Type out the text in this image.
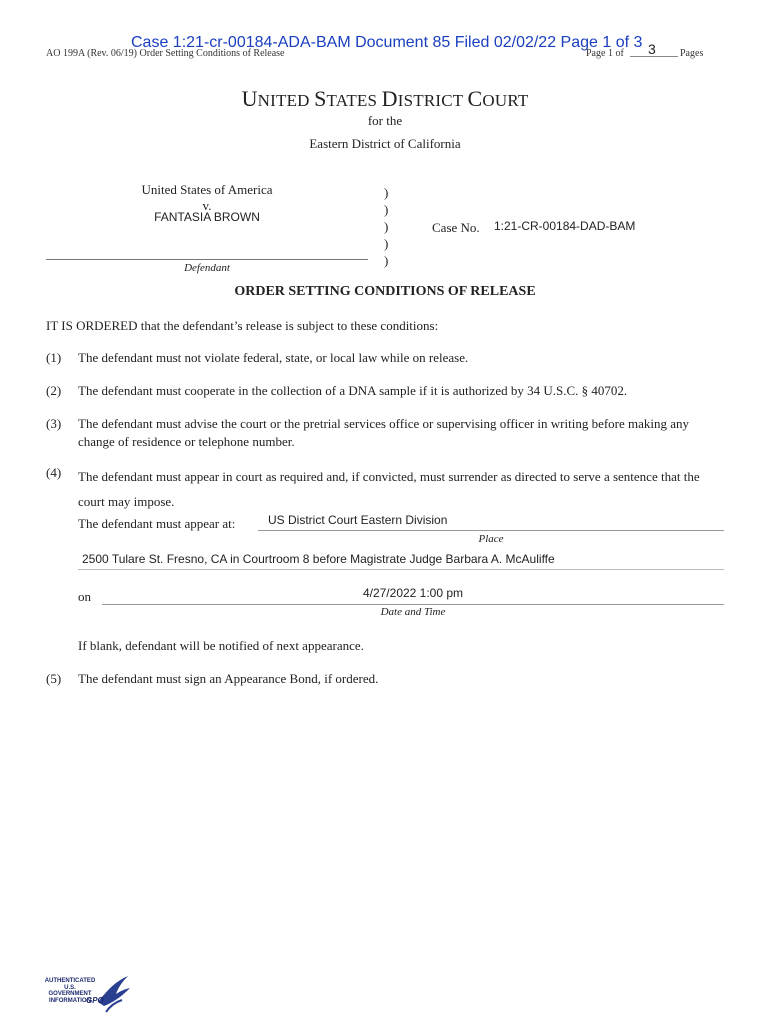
Case 1:21-cr-00184-ADA-BAM Document 85 Filed 02/02/22 Page 1 of 3
AO 199A (Rev. 06/19) Order Setting Conditions of Release	Page 1 of 3 Pages
UNITED STATES DISTRICT COURT
for the
Eastern District of California
United States of America
v.
FANTASIA BROWN
Defendant
)
)
)
)
)
Case No. 1:21-CR-00184-DAD-BAM
ORDER SETTING CONDITIONS OF RELEASE
IT IS ORDERED that the defendant’s release is subject to these conditions:
(1) The defendant must not violate federal, state, or local law while on release.
(2) The defendant must cooperate in the collection of a DNA sample if it is authorized by 34 U.S.C. § 40702.
(3) The defendant must advise the court or the pretrial services office or supervising officer in writing before making any change of residence or telephone number.
(4) The defendant must appear in court as required and, if convicted, must surrender as directed to serve a sentence that the court may impose.
The defendant must appear at:	US District Court Eastern Division
Place
2500 Tulare St. Fresno, CA in Courtroom 8 before Magistrate Judge Barbara A. McAuliffe
on	4/27/2022 1:00 pm
Date and Time
If blank, defendant will be notified of next appearance.
(5) The defendant must sign an Appearance Bond, if ordered.
AUTHENTICATED
U.S. GOVERNMENT
INFORMATION
GPO
